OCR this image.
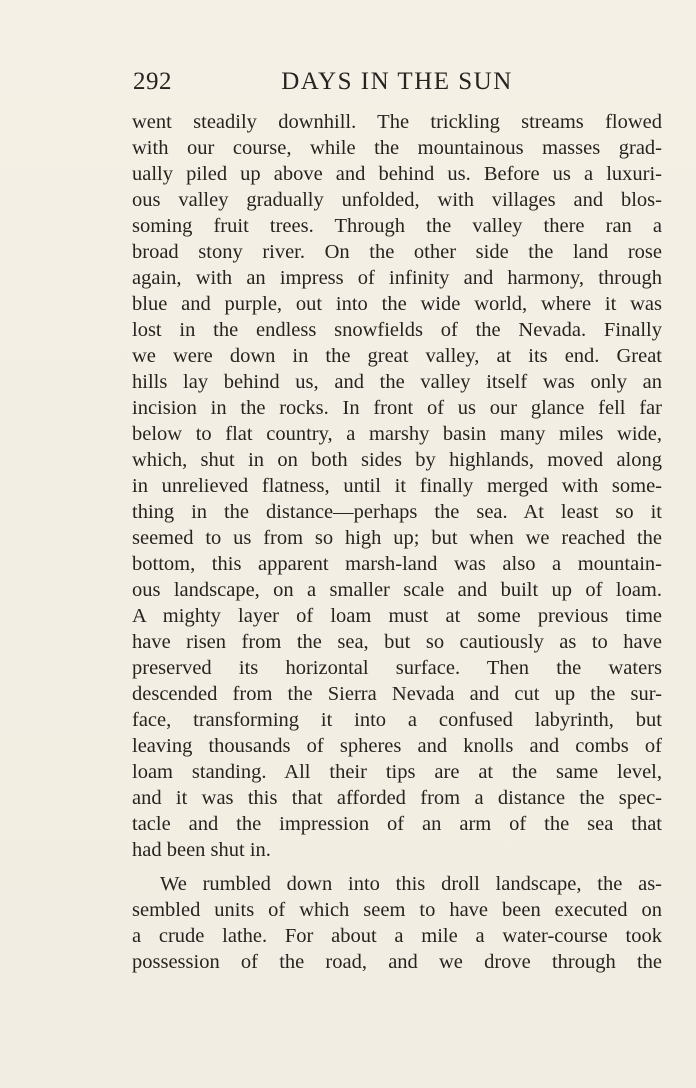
292	DAYS IN THE SUN
went steadily downhill. The trickling streams flowed
with our course, while the mountainous masses grad-
ually piled up above and behind us. Before us a luxuri-
ous valley gradually unfolded, with villages and blos-
soming fruit trees. Through the valley there ran a
broad stony river. On the other side the land rose
again, with an impress of infinity and harmony, through
blue and purple, out into the wide world, where it was
lost in the endless snowfields of the Nevada. Finally
we were down in the great valley, at its end. Great
hills lay behind us, and the valley itself was only an
incision in the rocks. In front of us our glance fell far
below to flat country, a marshy basin many miles wide,
which, shut in on both sides by highlands, moved along
in unrelieved flatness, until it finally merged with some-
thing in the distance—perhaps the sea. At least so it
seemed to us from so high up; but when we reached the
bottom, this apparent marsh-land was also a mountain-
ous landscape, on a smaller scale and built up of loam.
A mighty layer of loam must at some previous time
have risen from the sea, but so cautiously as to have
preserved its horizontal surface. Then the waters
descended from the Sierra Nevada and cut up the sur-
face, transforming it into a confused labyrinth, but
leaving thousands of spheres and knolls and combs of
loam standing. All their tips are at the same level,
and it was this that afforded from a distance the spec-
tacle and the impression of an arm of the sea that
had been shut in.
We rumbled down into this droll landscape, the as-
sembled units of which seem to have been executed on
a crude lathe. For about a mile a water-course took
possession of the road, and we drove through the
